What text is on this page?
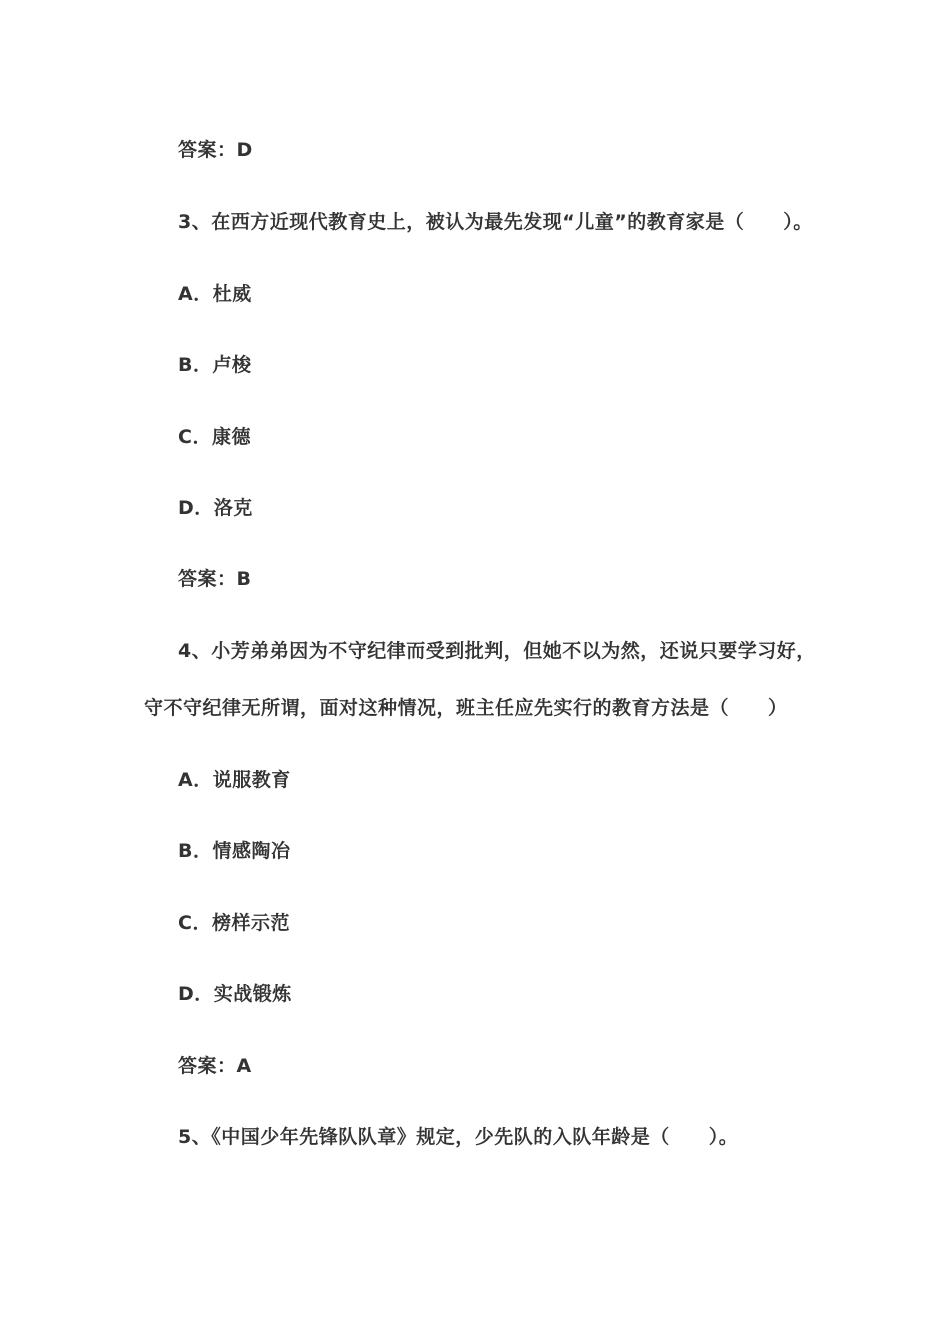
答案：D
3、在西方近现代教育史上，被认为最先发现“儿童”的教育家是（　　）。
A．杜威
B．卢梭
C．康德
D．洛克
答案：B
4、小芳弟弟因为不守纪律而受到批判，但她不以为然，还说只要学习好，
守不守纪律无所谓，面对这种情况，班主任应先实行的教育方法是（　　）
A．说服教育
B．情感陶冶
C．榜样示范
D．实战锻炼
答案：A
5、《中国少年先锋队队章》规定，少先队的入队年龄是（　　）。
